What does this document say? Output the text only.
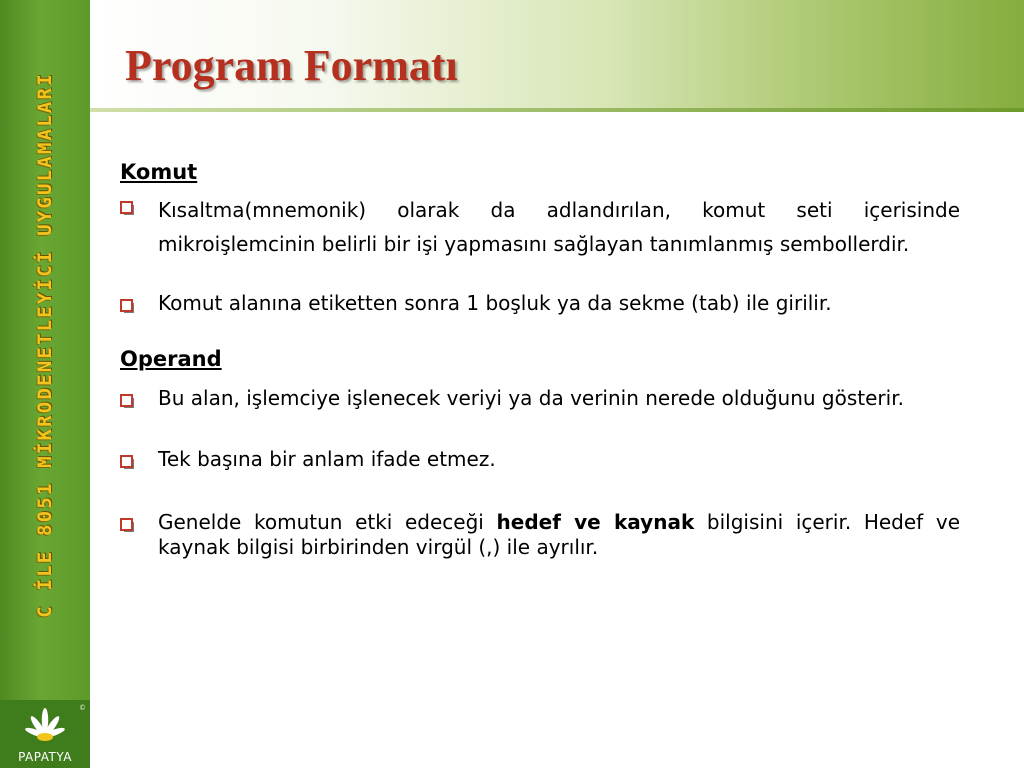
C İLE 8051 MİKRODENETLEYİCİ UYGULAMALARI
PAPATYA
©
Program Formatı

Komut

Kısaltma(mnemonik) olarak da adlandırılan, komut seti içerisinde mikroişlemcinin belirli bir işi yapmasını sağlayan tanımlanmış sembollerdir.
Komut alanına etiketten sonra 1 boşluk ya da sekme (tab) ile girilir.

Operand

Bu alan, işlemciye işlenecek veriyi ya da verinin nerede olduğunu gösterir.
Tek başına bir anlam ifade etmez.
Genelde komutun etki edeceği hedef ve kaynak bilgisini içerir. Hedef ve kaynak bilgisi birbirinden virgül (,) ile ayrılır.
